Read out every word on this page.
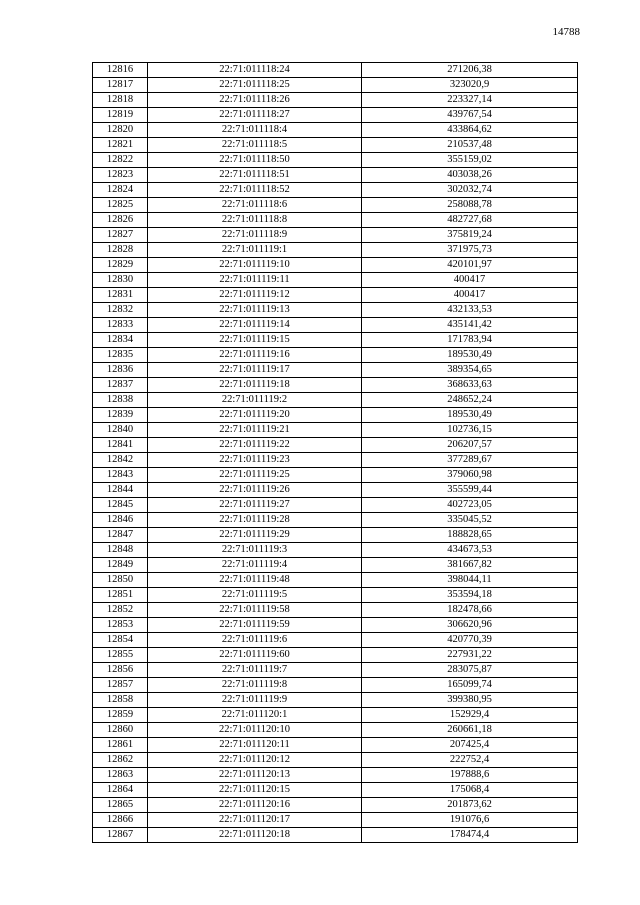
14788
12816	22:71:011118:24	271206,38
12817	22:71:011118:25	323020,9
12818	22:71:011118:26	223327,14
12819	22:71:011118:27	439767,54
12820	22:71:011118:4	433864,62
12821	22:71:011118:5	210537,48
12822	22:71:011118:50	355159,02
12823	22:71:011118:51	403038,26
12824	22:71:011118:52	302032,74
12825	22:71:011118:6	258088,78
12826	22:71:011118:8	482727,68
12827	22:71:011118:9	375819,24
12828	22:71:011119:1	371975,73
12829	22:71:011119:10	420101,97
12830	22:71:011119:11	400417
12831	22:71:011119:12	400417
12832	22:71:011119:13	432133,53
12833	22:71:011119:14	435141,42
12834	22:71:011119:15	171783,94
12835	22:71:011119:16	189530,49
12836	22:71:011119:17	389354,65
12837	22:71:011119:18	368633,63
12838	22:71:011119:2	248652,24
12839	22:71:011119:20	189530,49
12840	22:71:011119:21	102736,15
12841	22:71:011119:22	206207,57
12842	22:71:011119:23	377289,67
12843	22:71:011119:25	379060,98
12844	22:71:011119:26	355599,44
12845	22:71:011119:27	402723,05
12846	22:71:011119:28	335045,52
12847	22:71:011119:29	188828,65
12848	22:71:011119:3	434673,53
12849	22:71:011119:4	381667,82
12850	22:71:011119:48	398044,11
12851	22:71:011119:5	353594,18
12852	22:71:011119:58	182478,66
12853	22:71:011119:59	306620,96
12854	22:71:011119:6	420770,39
12855	22:71:011119:60	227931,22
12856	22:71:011119:7	283075,87
12857	22:71:011119:8	165099,74
12858	22:71:011119:9	399380,95
12859	22:71:011120:1	152929,4
12860	22:71:011120:10	260661,18
12861	22:71:011120:11	207425,4
12862	22:71:011120:12	222752,4
12863	22:71:011120:13	197888,6
12864	22:71:011120:15	175068,4
12865	22:71:011120:16	201873,62
12866	22:71:011120:17	191076,6
12867	22:71:011120:18	178474,4
